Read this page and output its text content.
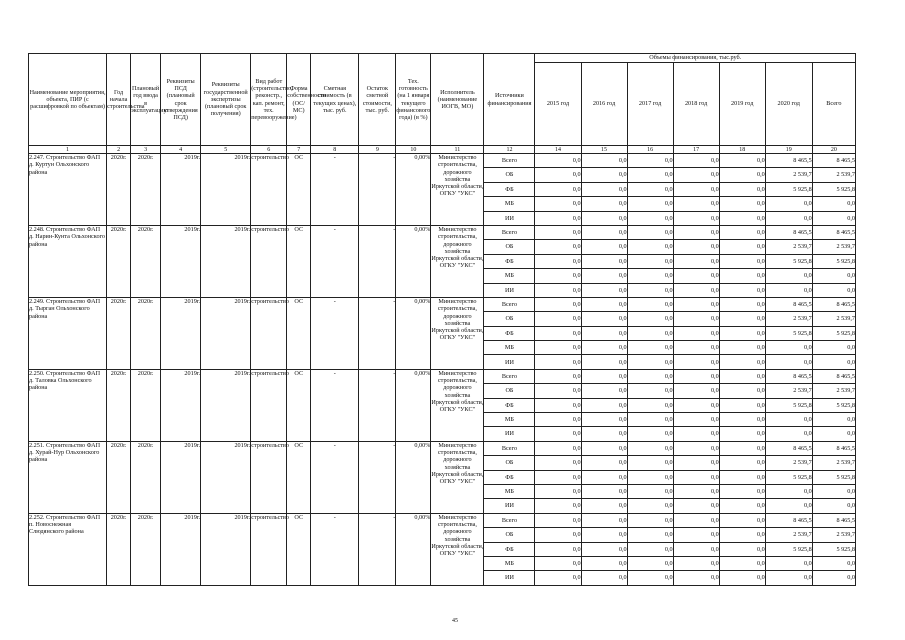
Наименование мероприятия, объекта, ПИР (с расшифровкой по объектам)	Год начала строительства	Плановый год ввода в эксплуатацию	Реквизиты ПСД (плановый срок утверждения ПСД)	Реквизиты государственной экспертизы (плановый срок получения)	Вид работ (строительство, реконстр., кап. ремонт, тех. перевооружение)	Форма собственности (ОС/МС)	Сметная стоимость (в текущих ценах), тыс. руб.	Остаток сметной стоимости, тыс. руб.	Тех. готовность (на 1 января текущего финансового года) (в %)	Исполнитель (наименование ИОГВ, МО)	Источники финансирования	Объемы финансирования, тыс.руб.						
												2015 год	2016 год	2017 год	2018 год	2019 год	2020 год	Всего
1	2	3	4	5	6	7	8	9	10	11	12	14	15	16	17	18	19	20
2.247. Строительство ФАП д. Куртун Ольхонского района	2020г.	2020г.	2019г.	2019г.	строительство	ОС	-	-	0,00%	Министерство строительства, дорожного хозяйства Иркутской области, ОГКУ "УКС"	Всего	0,0	0,0	0,0	0,0	0,0	8 465,5	8 465,5
											ОБ	0,0	0,0	0,0	0,0	0,0	2 539,7	2 539,7
											ФБ	0,0	0,0	0,0	0,0	0,0	5 925,8	5 925,8
											МБ	0,0	0,0	0,0	0,0	0,0	0,0	0,0
											ИИ	0,0	0,0	0,0	0,0	0,0	0,0	0,0
2.248. Строительство ФАП д. Нарин-Кунта Ольхонского района	2020г.	2020г.	2019г.	2019г.	строительство	ОС	-	-	0,00%	Министерство строительства, дорожного хозяйства Иркутской области, ОГКУ "УКС"	Всего	0,0	0,0	0,0	0,0	0,0	8 465,5	8 465,5
											ОБ	0,0	0,0	0,0	0,0	0,0	2 539,7	2 539,7
											ФБ	0,0	0,0	0,0	0,0	0,0	5 925,8	5 925,8
											МБ	0,0	0,0	0,0	0,0	0,0	0,0	0,0
											ИИ	0,0	0,0	0,0	0,0	0,0	0,0	0,0
2.249. Строительство ФАП д. Тырган Ольхонского района	2020г.	2020г.	2019г.	2019г.	строительство	ОС	-	-	0,00%	Министерство строительства, дорожного хозяйства Иркутской области, ОГКУ "УКС"	Всего	0,0	0,0	0,0	0,0	0,0	8 465,5	8 465,5
											ОБ	0,0	0,0	0,0	0,0	0,0	2 539,7	2 539,7
											ФБ	0,0	0,0	0,0	0,0	0,0	5 925,8	5 925,8
											МБ	0,0	0,0	0,0	0,0	0,0	0,0	0,0
											ИИ	0,0	0,0	0,0	0,0	0,0	0,0	0,0
2.250. Строительство ФАП д. Таловка Ольхонского района	2020г.	2020г.	2019г.	2019г.	строительство	ОС	-	-	0,00%	Министерство строительства, дорожного хозяйства Иркутской области, ОГКУ "УКС"	Всего	0,0	0,0	0,0	0,0	0,0	8 465,5	8 465,5
											ОБ	0,0	0,0	0,0	0,0	0,0	2 539,7	2 539,7
											ФБ	0,0	0,0	0,0	0,0	0,0	5 925,8	5 925,8
											МБ	0,0	0,0	0,0	0,0	0,0	0,0	0,0
											ИИ	0,0	0,0	0,0	0,0	0,0	0,0	0,0
2.251. Строительство ФАП д. Хурай-Нур Ольхонского района	2020г.	2020г.	2019г.	2019г.	строительство	ОС	-	-	0,00%	Министерство строительства, дорожного хозяйства Иркутской области, ОГКУ "УКС"	Всего	0,0	0,0	0,0	0,0	0,0	8 465,5	8 465,5
											ОБ	0,0	0,0	0,0	0,0	0,0	2 539,7	2 539,7
											ФБ	0,0	0,0	0,0	0,0	0,0	5 925,8	5 925,8
											МБ	0,0	0,0	0,0	0,0	0,0	0,0	0,0
											ИИ	0,0	0,0	0,0	0,0	0,0	0,0	0,0
2.252. Строительство ФАП п. Новоснежная Слюдянского района	2020г.	2020г.	2019г.	2019г.	строительство	ОС	-	-	0,00%	Министерство строительства, дорожного хозяйства Иркутской области, ОГКУ "УКС"	Всего	0,0	0,0	0,0	0,0	0,0	8 465,5	8 465,5
											ОБ	0,0	0,0	0,0	0,0	0,0	2 539,7	2 539,7
											ФБ	0,0	0,0	0,0	0,0	0,0	5 925,8	5 925,8
											МБ	0,0	0,0	0,0	0,0	0,0	0,0	0,0
											ИИ	0,0	0,0	0,0	0,0	0,0	0,0	0,0
45
